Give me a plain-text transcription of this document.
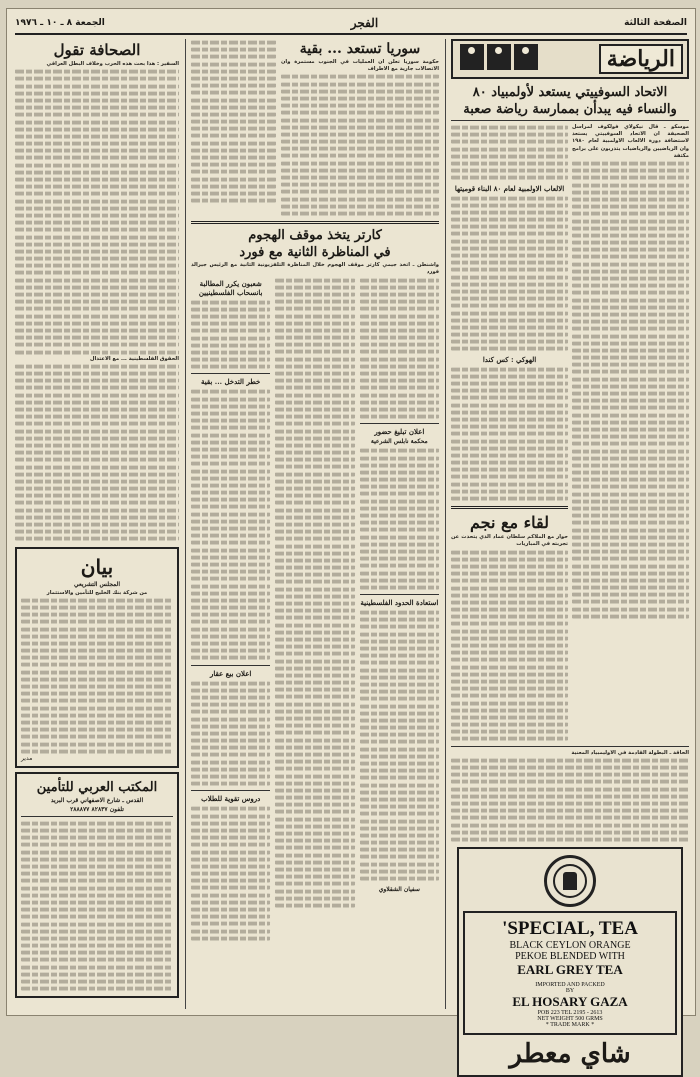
الصفحة الثالثة
الفجر
الجمعة ٨ ـ ١٠ ـ ١٩٧٦
الرياضة
الاتحاد السوفييتي يستعد لأولمبياد ٨٠
والنساء فيه يبدأن بممارسة رياضة صعبة

موسكو ـ قال نيكولاي فولكوف لمراسل الصحيفة ان الاتحاد السوفييتي يستعد لاستضافة دورة الالعاب الاولمبية لعام ١٩٨٠ وان الرياضيين والرياضيات يتدربون على برامج مكثفة

الالعاب الاولمبية لعام ٨٠ البناء قوميتها
الهوكي : كس كندا
لقاء مع نجم

حوار مع الملاكم سلطان عماد الذي يتحدث عن تجربته في المباريات

الحاقة ـ البطولة القادمة في الاوليمبياد المعنية

'SPECIAL, TEA
BLACK CEYLON ORANGE
PEKOE BLENDED WITH
EARL GREY TEA
IMPORTED AND PACKED
BY
EL HOSARY GAZA
POB 223 TEL 2195 - 2613
NET WEIGHT 500 GRMS
* TRADE MARK *
شاي معطر
سوريا تستعد ... بقية

حكومة سوريا تعلن ان العمليات في الجنوب مستمرة وان الاتصالات جارية مع الاطراف

كارتر يتخذ موقف الهجوم
في المناظرة الثانية مع فورد

واشنطن ـ اتخذ جيمي كارتر موقف الهجوم خلال المناظرة التلفزيونية الثانية مع الرئيس جيرالد فورد

اعلان تبليغ حضور
محكمة نابلس الشرعية
استعادة الحدود الفلسطينية
سفيان الشقلاوي
شعبون يكرر المطالبة بانسحاب الفلسطينيين
خطر التدخل ... بقية
اعلان بيع عقار
دروس تقوية للطلاب
الصحافة تقول

السفير : هذا بحث هذه الحرب وخلاف البطل العراقي

الحقوق الفلسطينية ... مع الاعتدال

بيان
المجلس التشريعي

من شركة بنك الخليج للتأمين والاستثمار

مدير
المكتب العربي للتأمين
القدس ـ شارع الاصفهاني قرب البريد
تلفون ٨٢٨٣٧ ٢٨٨٨٧٧
